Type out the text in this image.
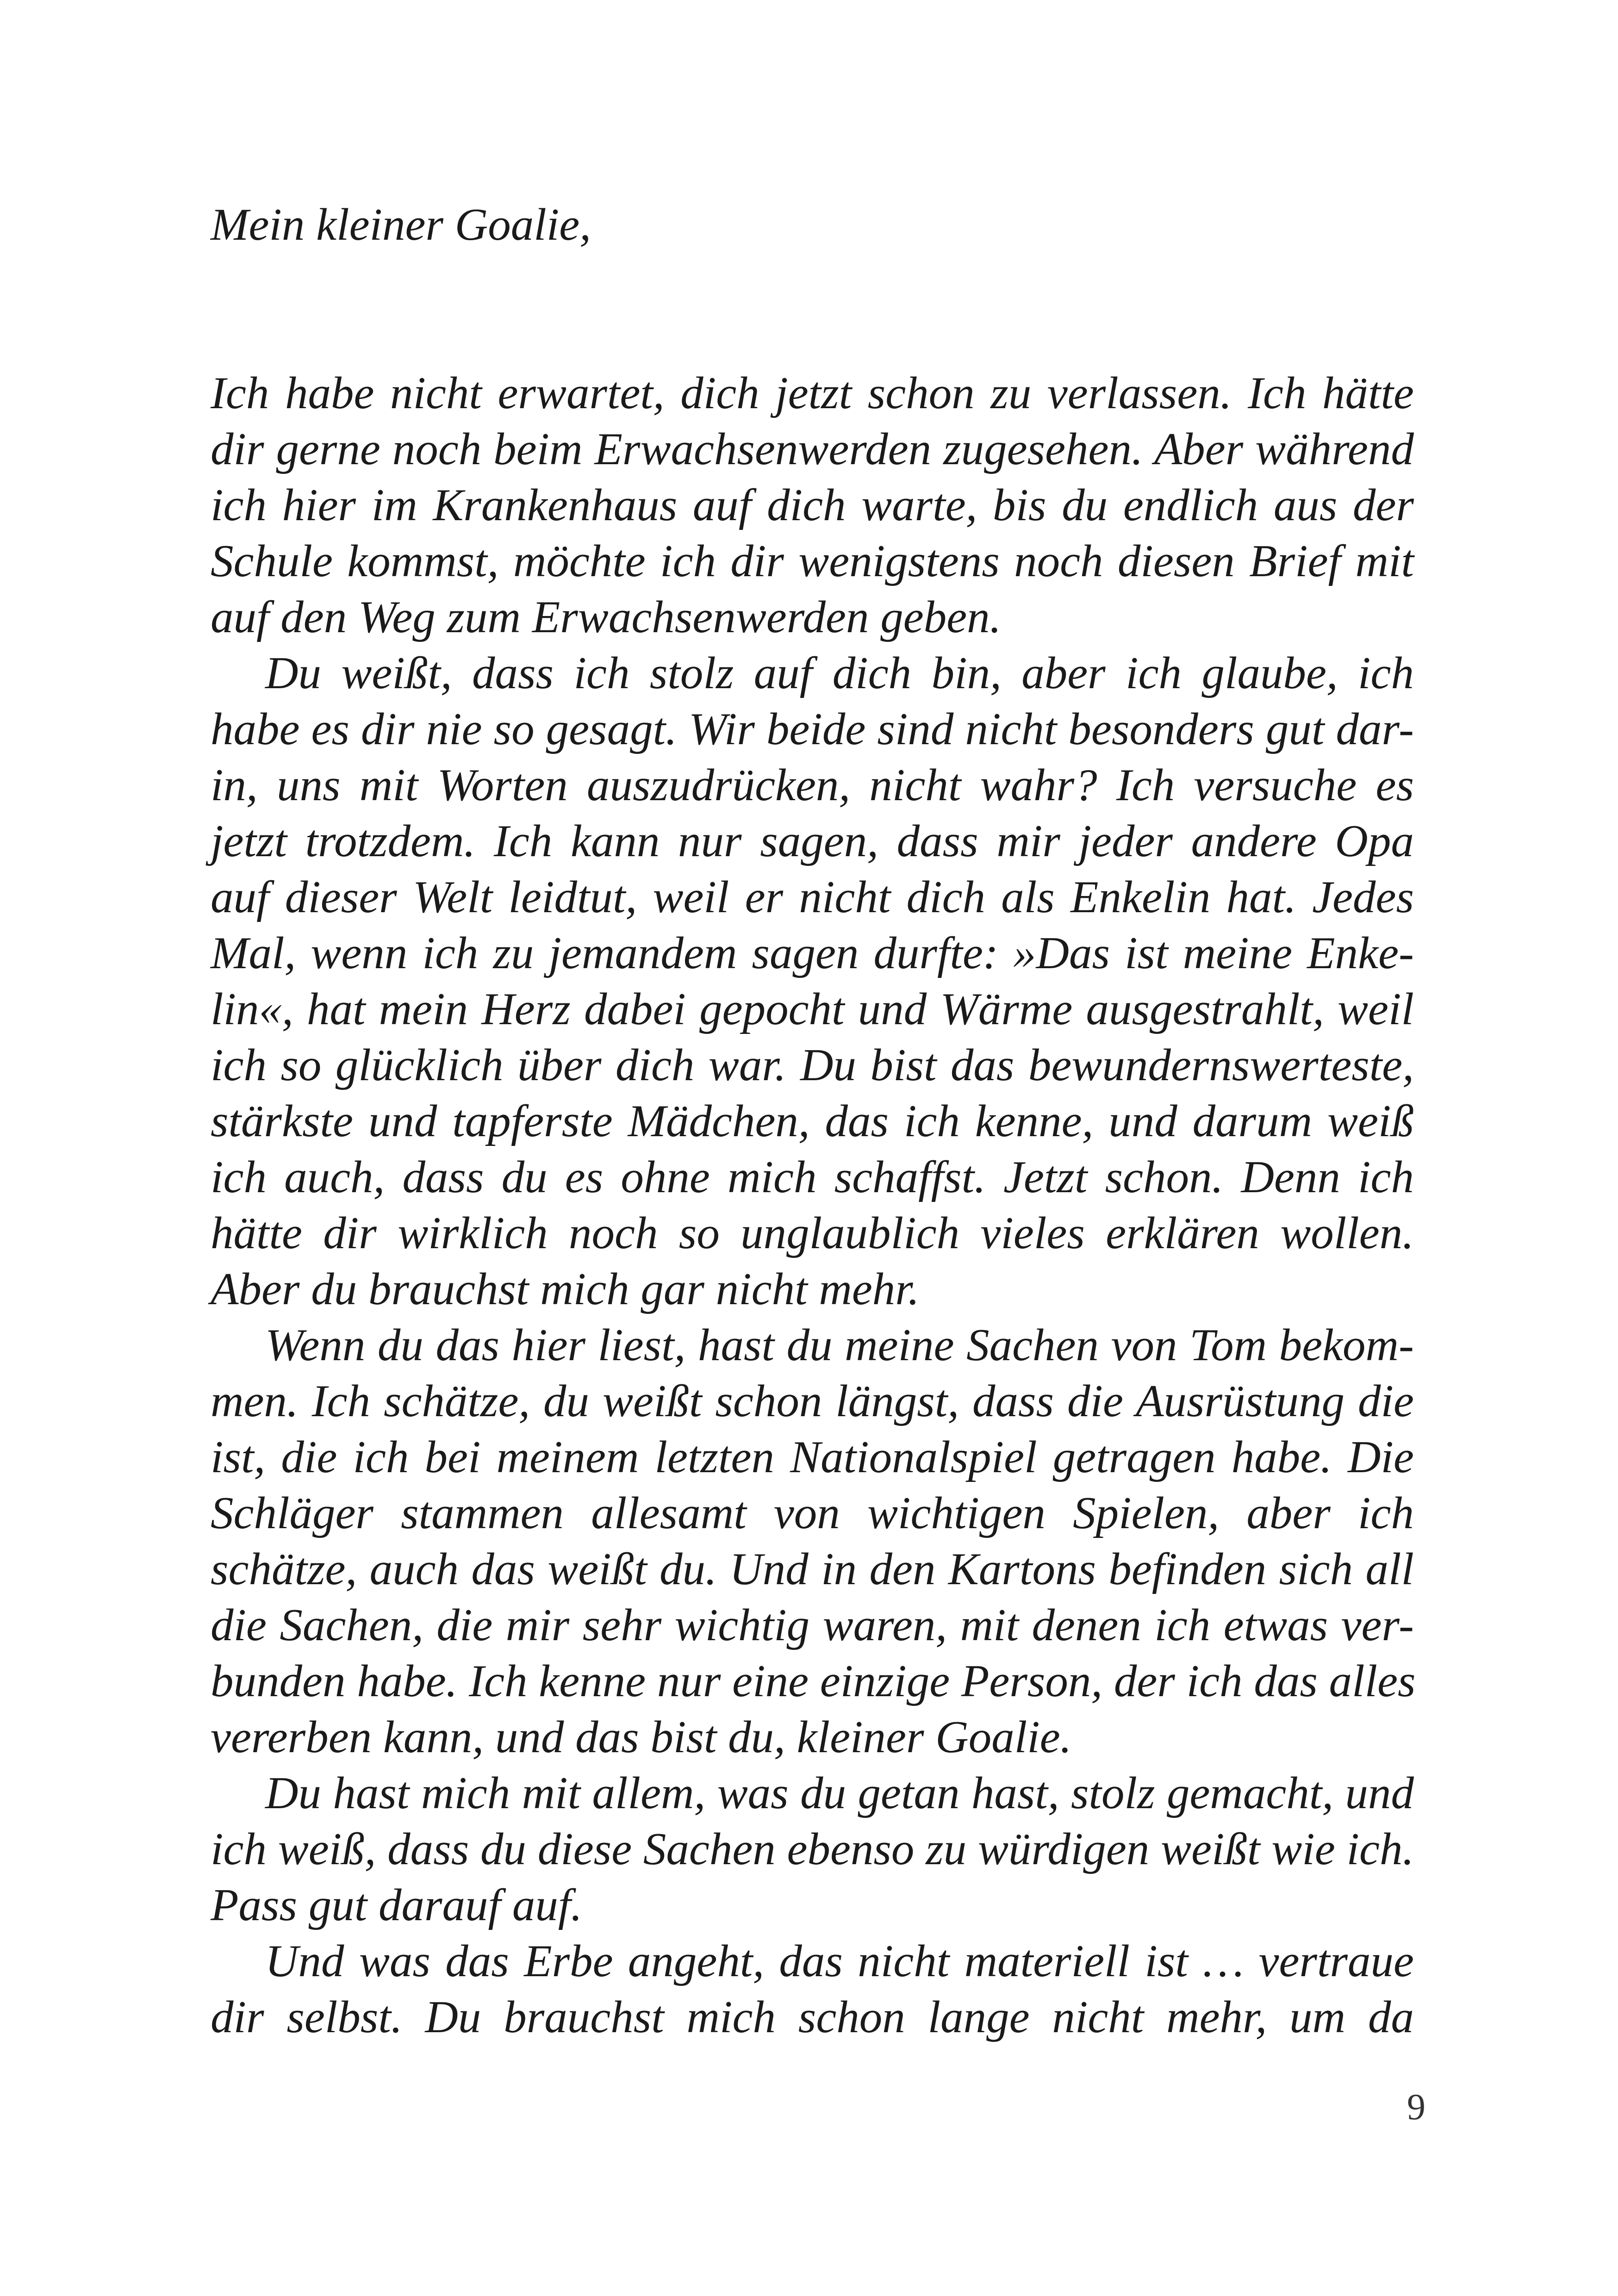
Mein kleiner Goalie,

Ich habe nicht erwartet, dich jetzt schon zu verlassen. Ich hätte
dir gerne noch beim Erwachsenwerden zugesehen. Aber während
ich hier im Krankenhaus auf dich warte, bis du endlich aus der
Schule kommst, möchte ich dir wenigstens noch diesen Brief mit
auf den Weg zum Erwachsenwerden geben.

Du weißt, dass ich stolz auf dich bin, aber ich glaube, ich
habe es dir nie so gesagt. Wir beide sind nicht besonders gut dar-
in, uns mit Worten auszudrücken, nicht wahr? Ich versuche es
jetzt trotzdem. Ich kann nur sagen, dass mir jeder andere Opa
auf dieser Welt leidtut, weil er nicht dich als Enkelin hat. Jedes
Mal, wenn ich zu jemandem sagen durfte: »Das ist meine Enke-
lin«, hat mein Herz dabei gepocht und Wärme ausgestrahlt, weil
ich so glücklich über dich war. Du bist das bewundernswerteste,
stärkste und tapferste Mädchen, das ich kenne, und darum weiß
ich auch, dass du es ohne mich schaffst. Jetzt schon. Denn ich
hätte dir wirklich noch so unglaublich vieles erklären wollen.
Aber du brauchst mich gar nicht mehr.

Wenn du das hier liest, hast du meine Sachen von Tom bekom-
men. Ich schätze, du weißt schon längst, dass die Ausrüstung die
ist, die ich bei meinem letzten Nationalspiel getragen habe. Die
Schläger stammen allesamt von wichtigen Spielen, aber ich
schätze, auch das weißt du. Und in den Kartons befinden sich all
die Sachen, die mir sehr wichtig waren, mit denen ich etwas ver-
bunden habe. Ich kenne nur eine einzige Person, der ich das alles
vererben kann, und das bist du, kleiner Goalie.

Du hast mich mit allem, was du getan hast, stolz gemacht, und
ich weiß, dass du diese Sachen ebenso zu würdigen weißt wie ich.
Pass gut darauf auf.

Und was das Erbe angeht, das nicht materiell ist … vertraue
dir selbst. Du brauchst mich schon lange nicht mehr, um da

9
